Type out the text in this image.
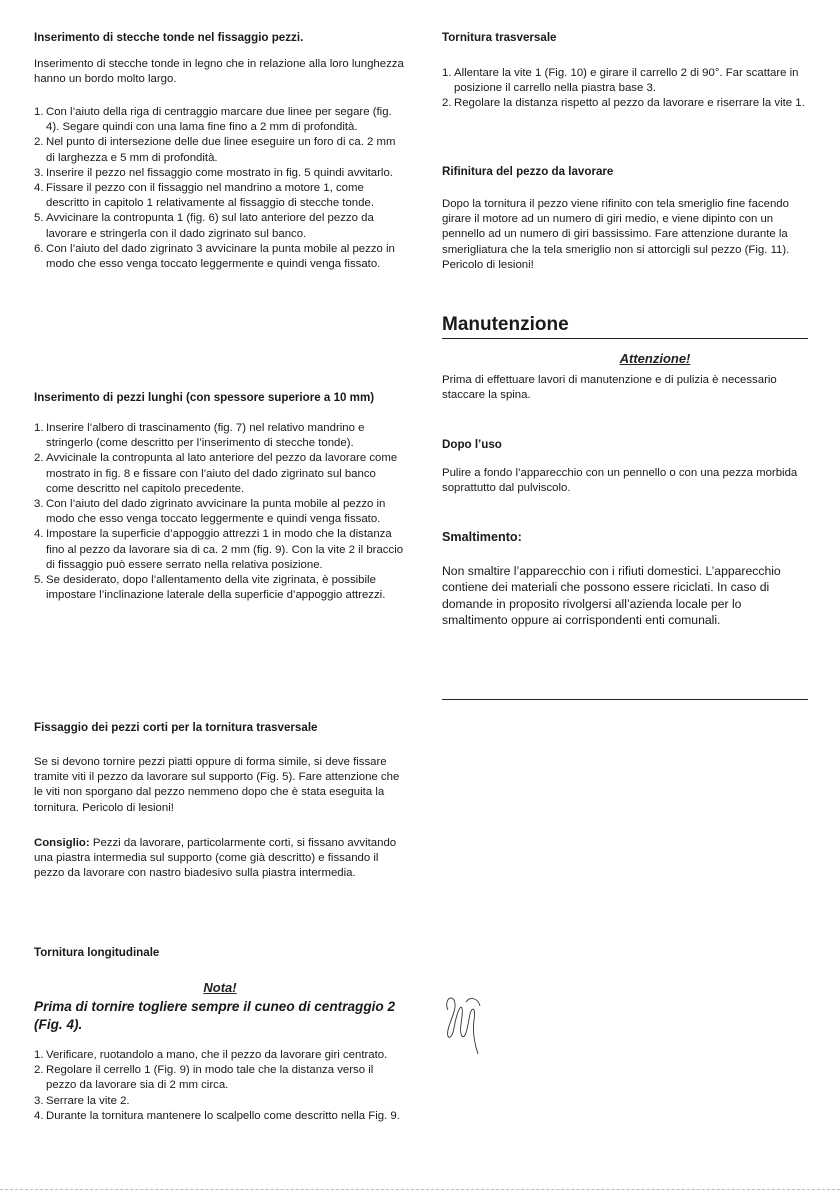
Inserimento di stecche tonde nel fissaggio pezzi.

Inserimento di stecche tonde in legno che in relazione alla loro lunghezza hanno un bordo molto largo.

1. Con l’aiuto della riga di centraggio marcare due linee per segare (fig. 4). Segare quindi con una lama fine fino a 2 mm di profondità.
2. Nel punto di intersezione delle due linee eseguire un foro di ca. 2 mm di larghezza e 5 mm di profondità.
3. Inserire il pezzo nel fissaggio come mostrato in fig. 5 quindi avvitarlo.
4. Fissare il pezzo con il fissaggio nel mandrino a motore 1, come descritto in capitolo 1 relativamente al fissaggio di stecche tonde.
5. Avvicinare la contropunta 1 (fig. 6) sul lato anteriore del pezzo da lavorare e stringerla con il dado zigrinato sul banco.
6. Con l’aiuto del dado zigrinato 3 avvicinare la punta mobile al pezzo in modo che esso venga toccato leggermente e quindi venga fissato.
Inserimento di pezzi lunghi (con spessore superiore a 10 mm)
1. Inserire l’albero di trascinamento (fig. 7) nel relativo mandrino e stringerlo (come descritto per l’inserimento di stecche tonde).
2. Avvicinale la contropunta al lato anteriore del pezzo da lavorare come mostrato in fig. 8 e fissare con l’aiuto del dado zigrinato sul banco come descritto nel capitolo precedente.
3. Con l’aiuto del dado zigrinato avvicinare la punta mobile al pezzo in modo che esso venga toccato leggermente e quindi venga fissato.
4. Impostare la superficie d’appoggio attrezzi 1 in modo che la distanza fino al pezzo da lavorare sia di ca. 2 mm (fig. 9). Con la vite 2 il braccio di fissaggio può essere serrato nella relativa posizione.
5. Se desiderato, dopo l’allentamento della vite zigrinata, è possibile impostare l’inclinazione laterale della superficie d’appoggio attrezzi.
Fissaggio dei pezzi corti per la tornitura trasversale

Se si devono tornire pezzi piatti oppure di forma simile, si deve fissare tramite viti il pezzo da lavorare sul supporto (Fig. 5). Fare attenzione che le viti non sporgano dal pezzo nemmeno dopo che è stata eseguita la tornitura. Pericolo di lesioni!

Consiglio: Pezzi da lavorare, particolarmente corti, si fissano avvitando una piastra intermedia sul supporto (come già descritto) e fissando il pezzo da lavorare con nastro biadesivo sulla piastra intermedia.

Tornitura longitudinale
Nota!
Prima di tornire togliere sempre il cuneo di centraggio 2 (Fig. 4).
1. Verificare, ruotandolo a mano, che il pezzo da lavorare giri centrato.
2. Regolare il cerrello 1 (Fig. 9) in modo tale che la distanza verso il pezzo da lavorare sia di 2 mm circa.
3. Serrare la vite 2.
4. Durante la tornitura mantenere lo scalpello come descritto nella Fig. 9.
Tornitura trasversale
1. Allentare la vite 1 (Fig. 10) e girare il carrello 2 di 90°. Far scattare in posizione il carrello nella piastra base 3.
2. Regolare la distanza rispetto al pezzo da lavorare e riserrare la vite 1.
Rifinitura del pezzo da lavorare

Dopo la tornitura il pezzo viene rifinito con tela smeriglio fine facendo girare il motore ad un numero di giri medio, e viene dipinto con un pennello ad un numero di giri bassissimo. Fare attenzione durante la smerigliatura che la tela smeriglio non si attorcigli sul pezzo (Fig. 11). Pericolo di lesioni!

Manutenzione
Attenzione!

Prima di effettuare lavori di manutenzione e di pulizia è necessario staccare la spina.

Dopo l’uso

Pulire a fondo l’apparecchio con un pennello o con una pezza morbida soprattutto dal pulviscolo.

Smaltimento:

Non smaltire l’apparecchio con i rifiuti domestici. L’apparecchio contiene dei materiali che possono essere riciclati. In caso di domande in proposito rivolgersi all’azienda locale per lo smaltimento oppure ai corrispondenti enti comunali.
